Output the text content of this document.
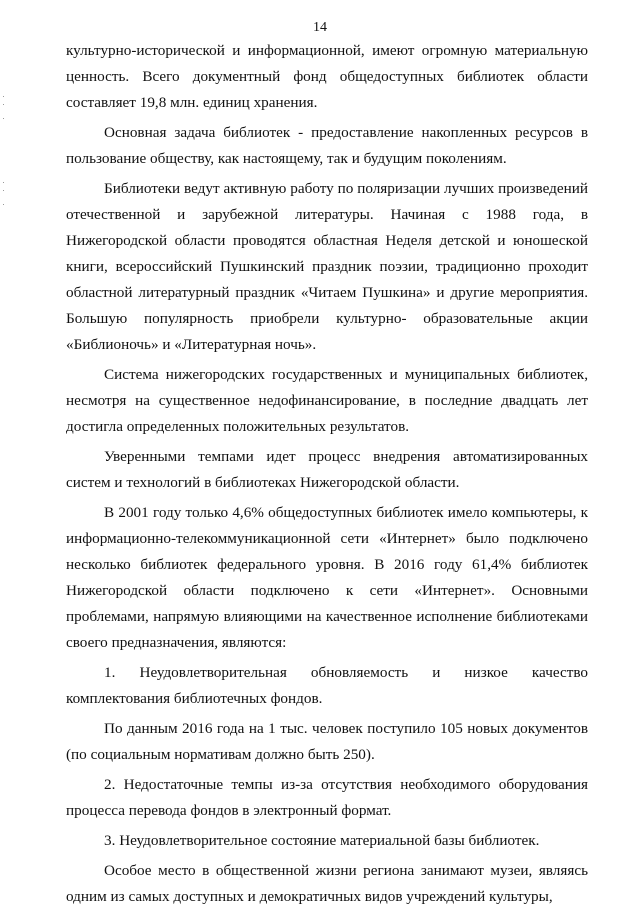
14

культурно-исторической и информационной, имеют огромную материальную ценность. Всего документный фонд общедоступных библиотек области составляет 19,8 млн. единиц хранения.

Основная задача библиотек - предоставление накопленных ресурсов в пользование обществу, как настоящему, так и будущим поколениям.

Библиотеки ведут активную работу по поляризации лучших произведений отечественной и зарубежной литературы. Начиная с 1988 года, в Нижегородской области проводятся областная Неделя детской и юношеской книги, всероссийский Пушкинский праздник поэзии, традиционно проходит областной литературный праздник «Читаем Пушкина» и другие мероприятия. Большую популярность приобрели культурно- образовательные акции «Библионочь» и «Литературная ночь».

Система нижегородских государственных и муниципальных библиотек, несмотря на существенное недофинансирование, в последние двадцать лет достигла определенных положительных результатов.

Уверенными темпами идет процесс внедрения автоматизированных систем и технологий в библиотеках Нижегородской области.

В 2001 году только 4,6% общедоступных библиотек имело компьютеры, к информационно-телекоммуникационной сети «Интернет» было подключено несколько библиотек федерального уровня. В 2016 году 61,4% библиотек Нижегородской области подключено к сети «Интернет». Основными проблемами, напрямую влияющими на качественное исполнение библиотеками своего предназначения, являются:

1. Неудовлетворительная обновляемость и низкое качество комплектования библиотечных фондов.

По данным 2016 года на 1 тыс. человек поступило 105 новых документов (по социальным нормативам должно быть 250).

2. Недостаточные темпы из-за отсутствия необходимого оборудования процесса перевода фондов в электронный формат.

3. Неудовлетворительное состояние материальной базы библиотек.

Особое место в общественной жизни региона занимают музеи, являясь одним из самых доступных и демократичных видов учреждений культуры,
